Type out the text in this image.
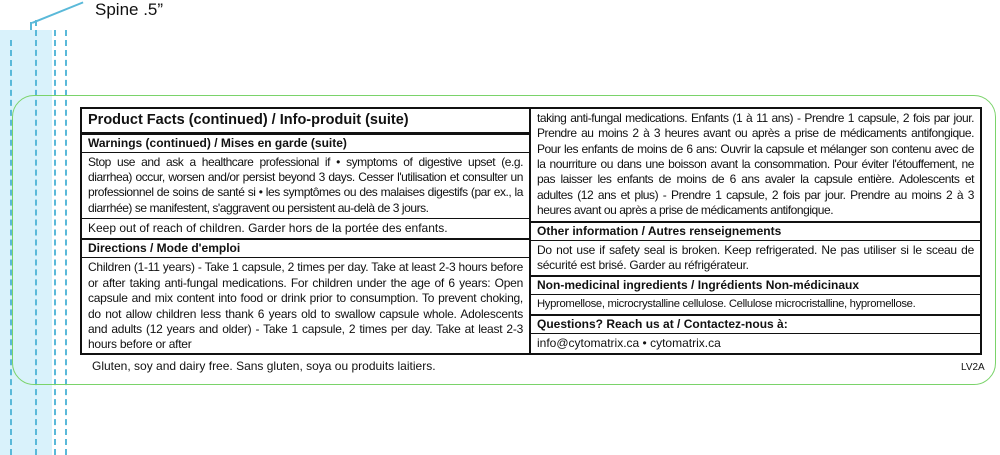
Spine .5”
Product Facts (continued) / Info-produit (suite)
Warnings (continued) / Mises en garde (suite)
Stop use and ask a healthcare professional if • symptoms of digestive upset (e.g. diarrhea) occur, worsen and/or persist beyond 3 days. Cesser l'utilisation et consulter un professionnel de soins de santé si • les symptômes ou des malaises digestifs (par ex., la diarrhée) se manifestent, s'aggravent ou persistent au-delà de 3 jours.
Keep out of reach of children. Garder hors de la portée des enfants.
Directions / Mode d'emploi
Children (1-11 years) - Take 1 capsule, 2 times per day. Take at least 2-3 hours before or after taking anti-fungal medications. For children under the age of 6 years: Open capsule and mix content into food or drink prior to consumption. To prevent choking, do not allow children less thank 6 years old to swallow capsule whole. Adolescents and adults (12 years and older) - Take 1 capsule, 2 times per day. Take at least 2-3 hours before or after
taking anti-fungal medications. Enfants (1 à 11 ans) - Prendre 1 capsule, 2 fois par jour. Prendre au moins 2 à 3 heures avant ou après a prise de médicaments antifongique. Pour les enfants de moins de 6 ans: Ouvrir la capsule et mélanger son contenu avec de la nourriture ou dans une boisson avant la consommation. Pour éviter l'étouffement, ne pas laisser les enfants de moins de 6 ans avaler la capsule entière. Adolescents et adultes (12 ans et plus) - Prendre 1 capsule, 2 fois par jour. Prendre au moins 2 à 3 heures avant ou après a prise de médicaments antifongique.
Other information / Autres renseignements
Do not use if safety seal is broken. Keep refrigerated. Ne pas utiliser si le sceau de sécurité est brisé. Garder au réfrigérateur.
Non-medicinal ingredients / Ingrédients Non-médicinaux
Hypromellose, microcrystalline cellulose. Cellulose microcristalline, hypromellose.
Questions? Reach us at / Contactez-nous à:
info@cytomatrix.ca • cytomatrix.ca
Gluten, soy and dairy free. Sans gluten, soya ou produits laitiers.	LV2A
